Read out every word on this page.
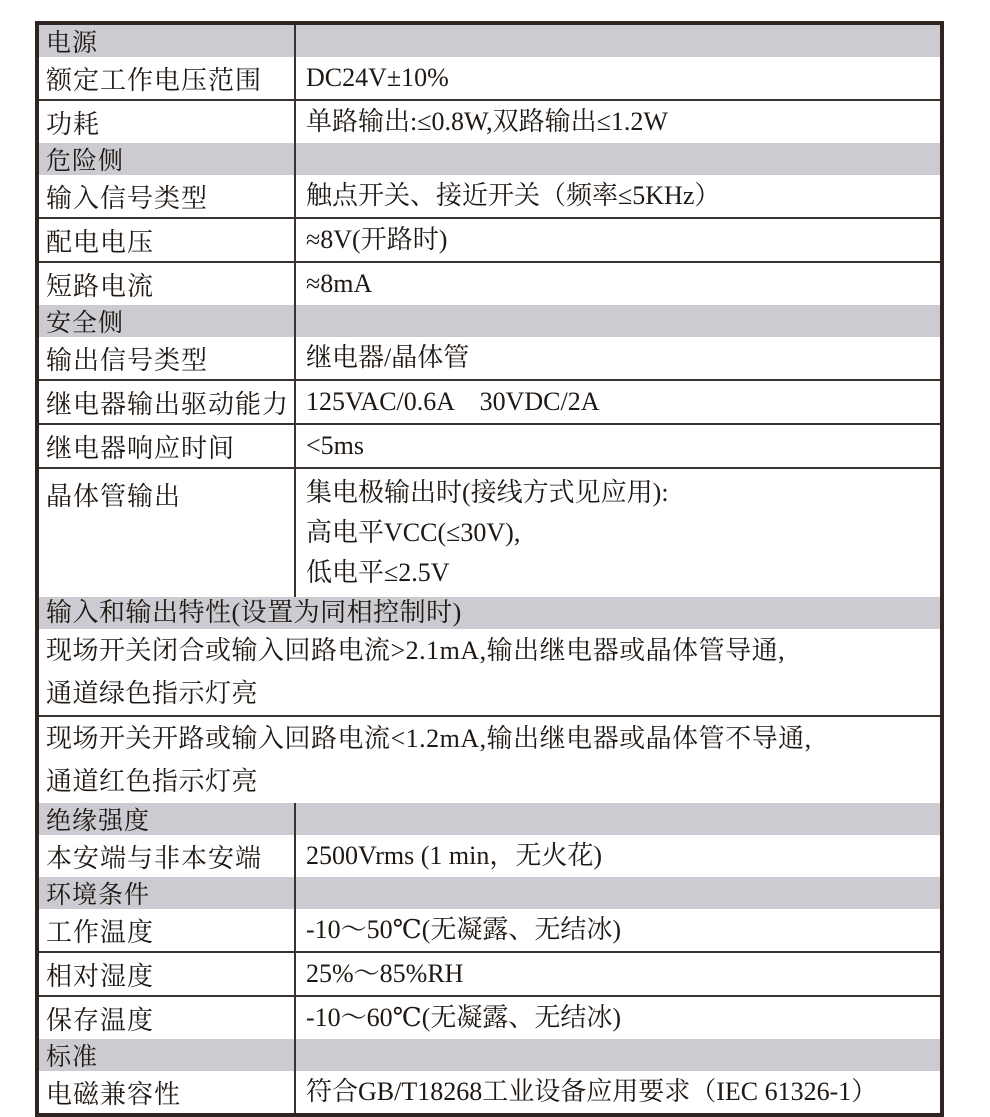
电源
额定工作电压范围	DC24V±10%
功耗	单路输出:≤0.8W,双路输出≤1.2W
危险侧
输入信号类型	触点开关、接近开关（频率≤5KHz）
配电电压	≈8V(开路时)
短路电流	≈8mA
安全侧
输出信号类型	继电器/晶体管
继电器输出驱动能力 125VAC/0.6A　30VDC/2A
继电器响应时间	<5ms
晶体管输出	集电极输出时(接线方式见应用):
高电平VCC(≤30V),
低电平≤2.5V
输入和输出特性(设置为同相控制时)
现场开关闭合或输入回路电流>2.1mA,输出继电器或晶体管导通,
通道绿色指示灯亮
现场开关开路或输入回路电流<1.2mA,输出继电器或晶体管不导通,
通道红色指示灯亮
绝缘强度
本安端与非本安端	2500Vrms (1 min，无火花)
环境条件
工作温度	-10～50℃(无凝露、无结冰)
相对湿度	25%～85%RH
保存温度	-10～60℃(无凝露、无结冰)
标准
电磁兼容性	符合GB/T18268工业设备应用要求（IEC 61326-1）
